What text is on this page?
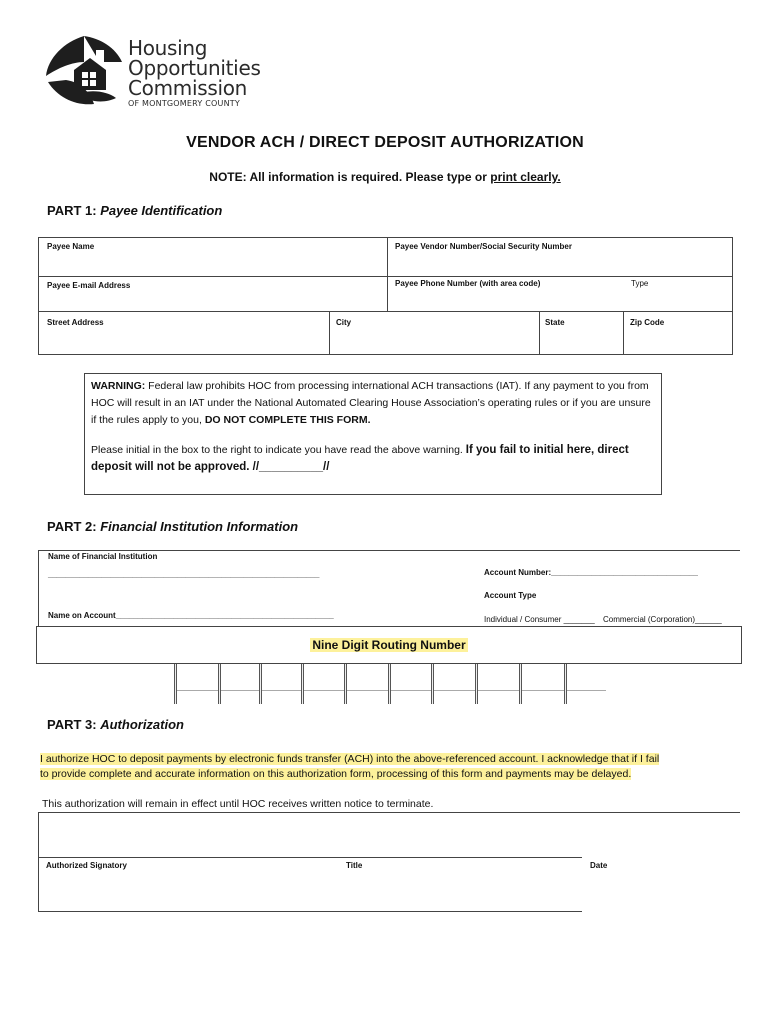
Housing
Opportunities
Commission
OF MONTGOMERY COUNTY
VENDOR ACH / DIRECT DEPOSIT AUTHORIZATION
NOTE: All information is required. Please type or print clearly.
PART 1: Payee Identification
Payee Name	Payee Vendor Number/Social Security Number
Payee E-mail Address	Payee Phone Number (with area code)	Type
Street Address	City	State	Zip Code
WARNING: Federal law prohibits HOC from processing international ACH transactions (IAT). If any payment to you from HOC will result in an IAT under the National Automated Clearing House Association’s operating rules or if you are unsure if the rules apply to you, DO NOT COMPLETE THIS FORM.
Please initial in the box to the right to indicate you have read the above warning. If you fail to initial here, direct deposit will not be approved. //__________//
PART 2: Financial Institution Information
Name of Financial Institution
_____________________________________________________________	Account Number:_________________________________
Account Type
Name on Account_________________________________________________	Individual / Consumer _______ Commercial (Corporation)______
Nine Digit Routing Number
PART 3: Authorization
I authorize HOC to deposit payments by electronic funds transfer (ACH) into the above-referenced account. I acknowledge that if I fail
to provide complete and accurate information on this authorization form, processing of this form and payments may be delayed.
This authorization will remain in effect until HOC receives written notice to terminate.
Authorized Signatory	Title	Date
